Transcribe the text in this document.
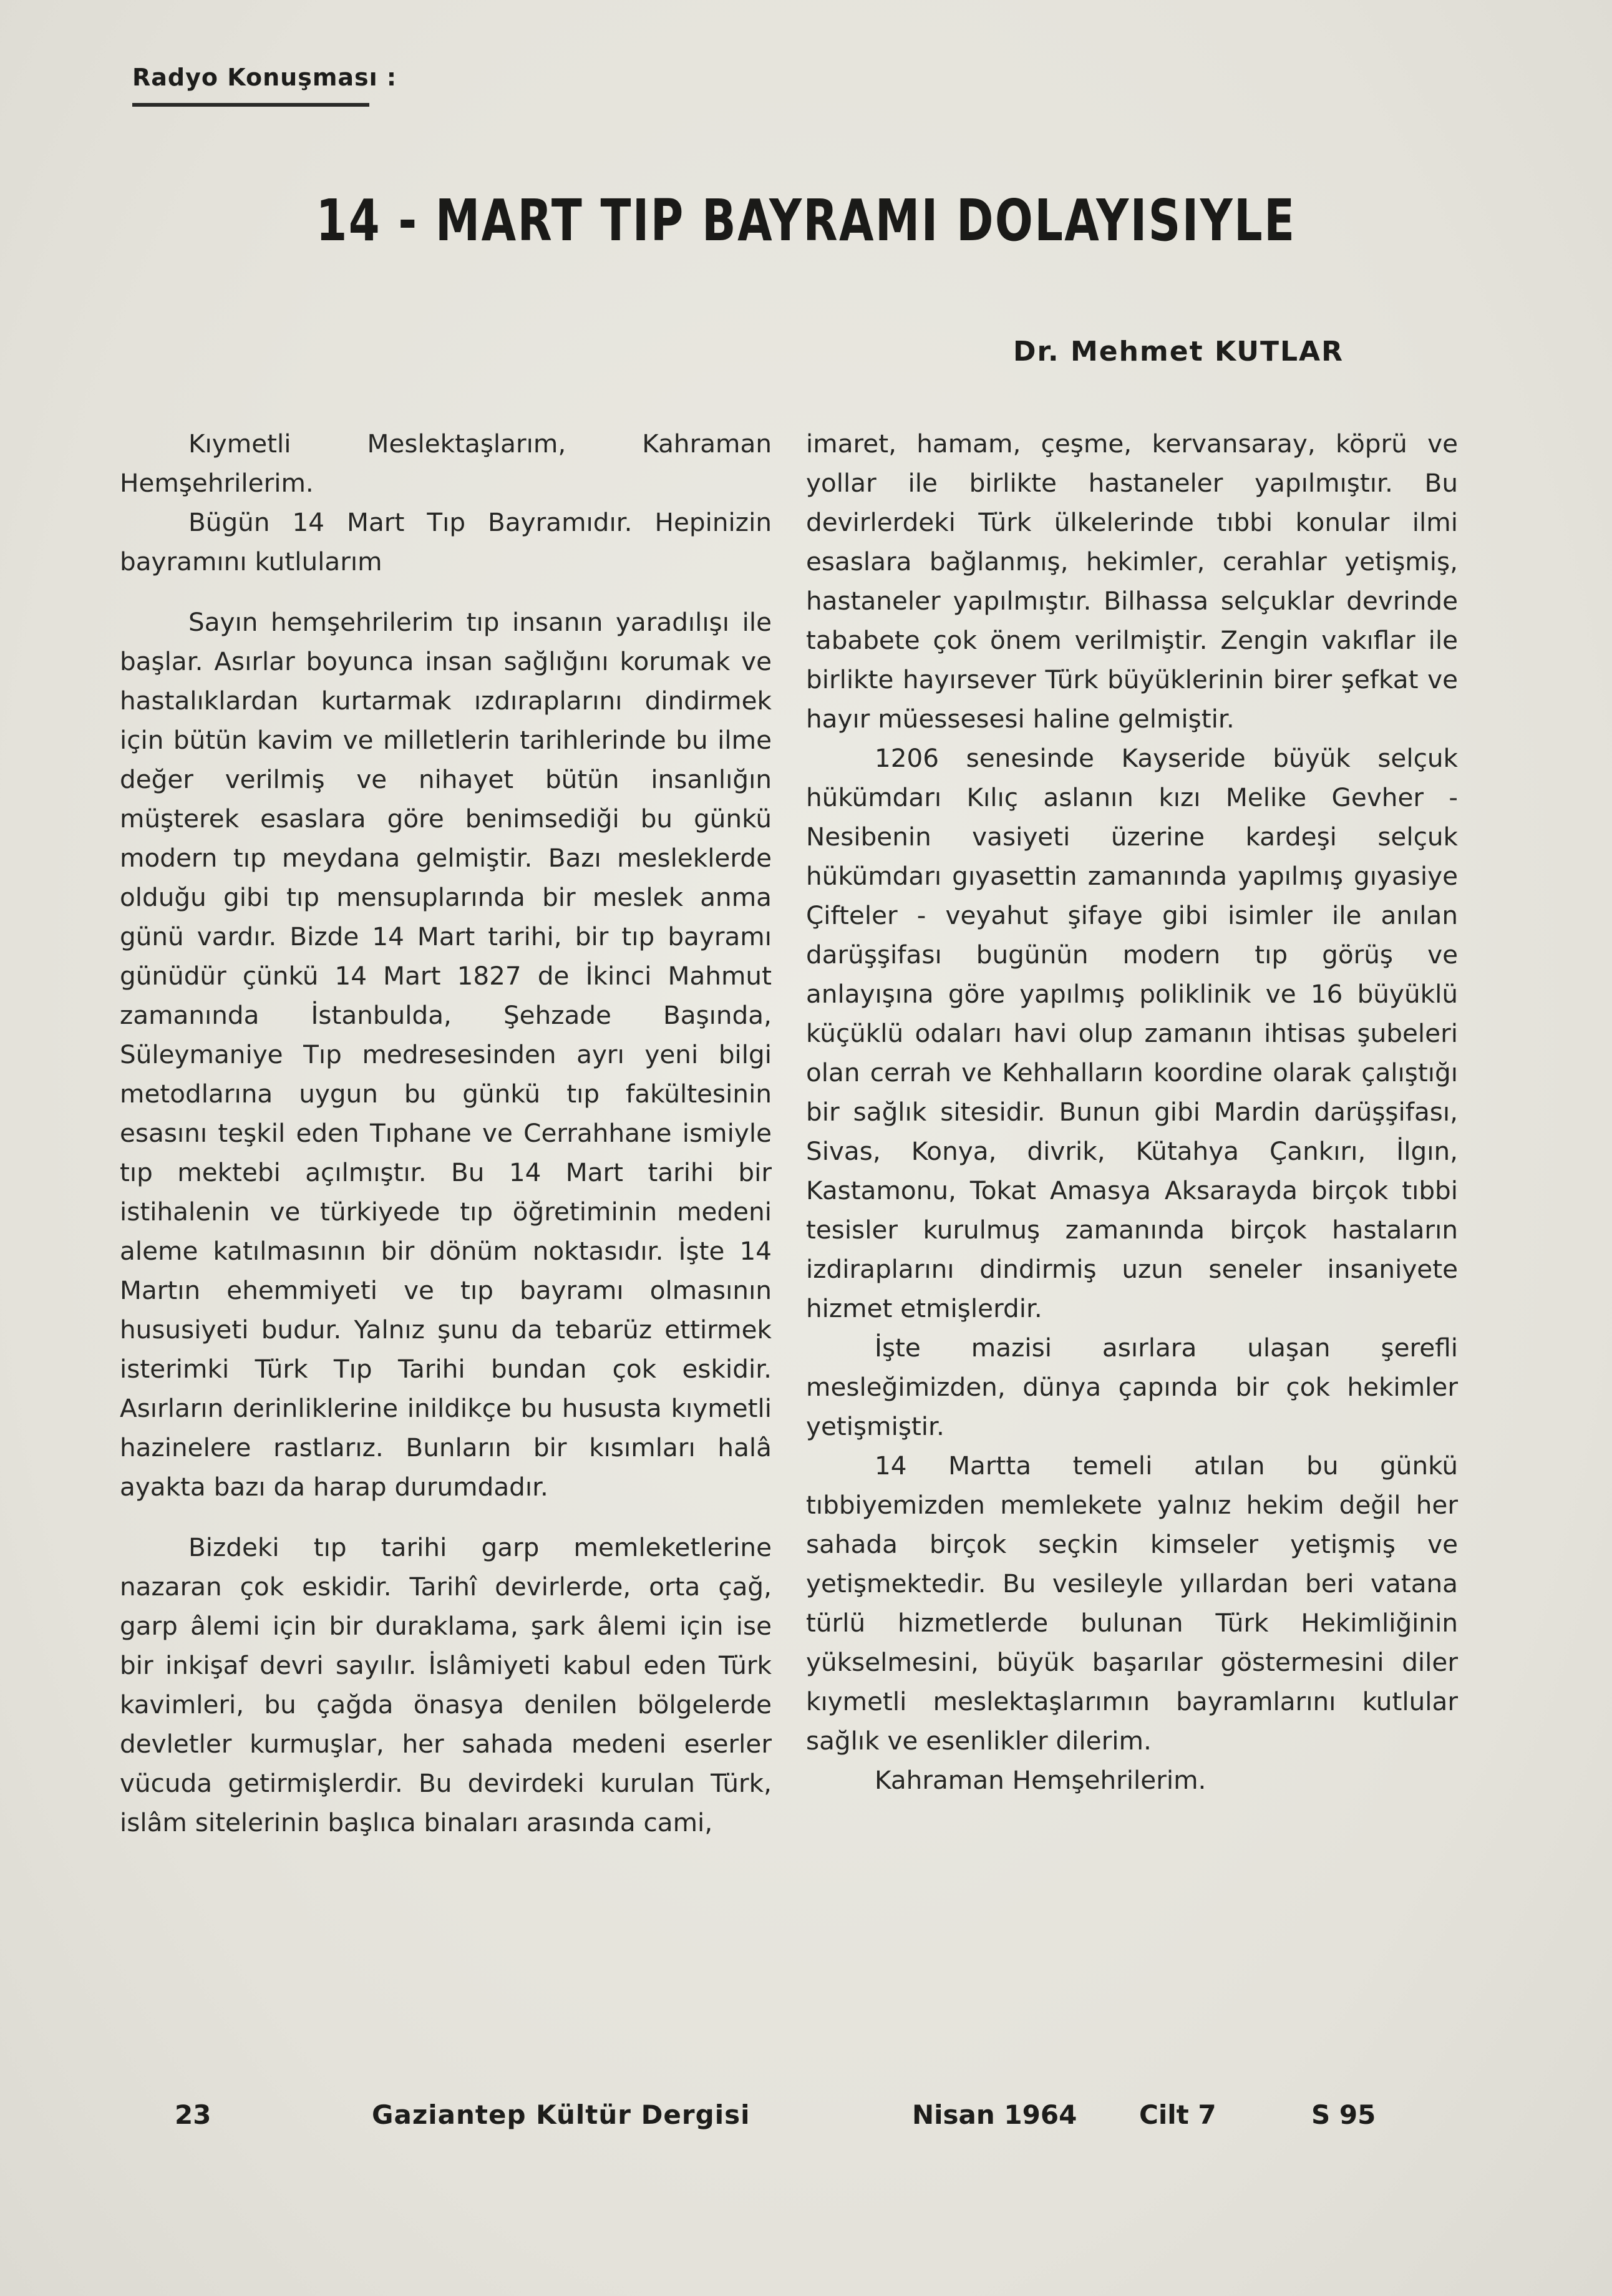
Radyo Konuşması :
14 - MART TIP BAYRAMI DOLAYISIYLE
Dr. Mehmet KUTLAR

Kıymetli Meslektaşlarım, Kahraman Hemşehrilerim.

Bügün 14 Mart Tıp Bayramıdır. Hepinizin bayramını kutlularım

Sayın hemşehrilerim tıp insanın yaradılışı ile başlar. Asırlar boyunca insan sağlığını korumak ve hastalıklardan kurtarmak ızdıraplarını dindirmek için bütün kavim ve milletlerin tarihlerinde bu ilme değer verilmiş ve nihayet bütün insanlığın müşterek esaslara göre benimsediği bu günkü modern tıp meydana gelmiştir. Bazı mesleklerde olduğu gibi tıp mensuplarında bir meslek anma günü vardır. Bizde 14 Mart tarihi, bir tıp bayramı günüdür çünkü 14 Mart 1827 de İkinci Mahmut zamanında İstanbulda, Şehzade Başında, Süleymaniye Tıp medresesinden ayrı yeni bilgi metodlarına uygun bu günkü tıp fakültesinin esasını teşkil eden Tıphane ve Cerrahhane ismiyle tıp mektebi açılmıştır. Bu 14 Mart tarihi bir istihalenin ve türkiyede tıp öğretiminin medeni aleme katılmasının bir dönüm noktasıdır. İşte 14 Martın ehemmiyeti ve tıp bayramı olmasının hususiyeti budur. Yalnız şunu da tebarüz ettirmek isterimki Türk Tıp Tarihi bundan çok eskidir. Asırların derinliklerine inildikçe bu hususta kıymetli hazinelere rastlarız. Bunların bir kısımları halâ ayakta bazı da harap durumdadır.

Bizdeki tıp tarihi garp memleketlerine nazaran çok eskidir. Tarihî devirlerde, orta çağ, garp âlemi için bir duraklama, şark âlemi için ise bir inkişaf devri sayılır. İslâmiyeti kabul eden Türk kavimleri, bu çağda önasya denilen bölgelerde devletler kurmuşlar, her sahada medeni eserler vücuda getirmişlerdir. Bu devirdeki kurulan Türk, islâm sitelerinin başlıca binaları arasında cami,

imaret, hamam, çeşme, kervansaray, köprü ve yollar ile birlikte hastaneler yapılmıştır. Bu devirlerdeki Türk ülkelerinde tıbbi konular ilmi esaslara bağlanmış, hekimler, cerahlar yetişmiş, hastaneler yapılmıştır. Bilhassa selçuklar devrinde tababete çok önem verilmiştir. Zengin vakıflar ile birlikte hayırsever Türk büyüklerinin birer şefkat ve hayır müessesesi haline gelmiştir.

1206 senesinde Kayseride büyük selçuk hükümdarı Kılıç aslanın kızı Melike Gevher - Nesibenin vasiyeti üzerine kardeşi selçuk hükümdarı gıyasettin zamanında yapılmış gıyasiye Çifteler - veyahut şifaye gibi isimler ile anılan darüşşifası bugünün modern tıp görüş ve anlayışına göre yapılmış poliklinik ve 16 büyüklü küçüklü odaları havi olup zamanın ihtisas şubeleri olan cerrah ve Kehhalların koordine olarak çalıştığı bir sağlık sitesidir. Bunun gibi Mardin darüşşifası, Sivas, Konya, divrik, Kütahya Çankırı, İlgın, Kastamonu, Tokat Amasya Aksarayda birçok tıbbi tesisler kurulmuş zamanında birçok hastaların izdiraplarını dindirmiş uzun seneler insaniyete hizmet etmişlerdir.

İşte mazisi asırlara ulaşan şerefli mesleğimizden, dünya çapında bir çok hekimler yetişmiştir.

14 Martta temeli atılan bu günkü tıbbiyemizden memlekete yalnız hekim değil her sahada birçok seçkin kimseler yetişmiş ve yetişmektedir. Bu vesileyle yıllardan beri vatana türlü hizmetlerde bulunan Türk Hekimliğinin yükselmesini, büyük başarılar göstermesini diler kıymetli meslektaşlarımın bayramlarını kutlular sağlık ve esenlikler dilerim.

Kahraman Hemşehrilerim.

23	Gaziantep Kültür Dergisi	Nisan 1964 Cilt 7	S 95
